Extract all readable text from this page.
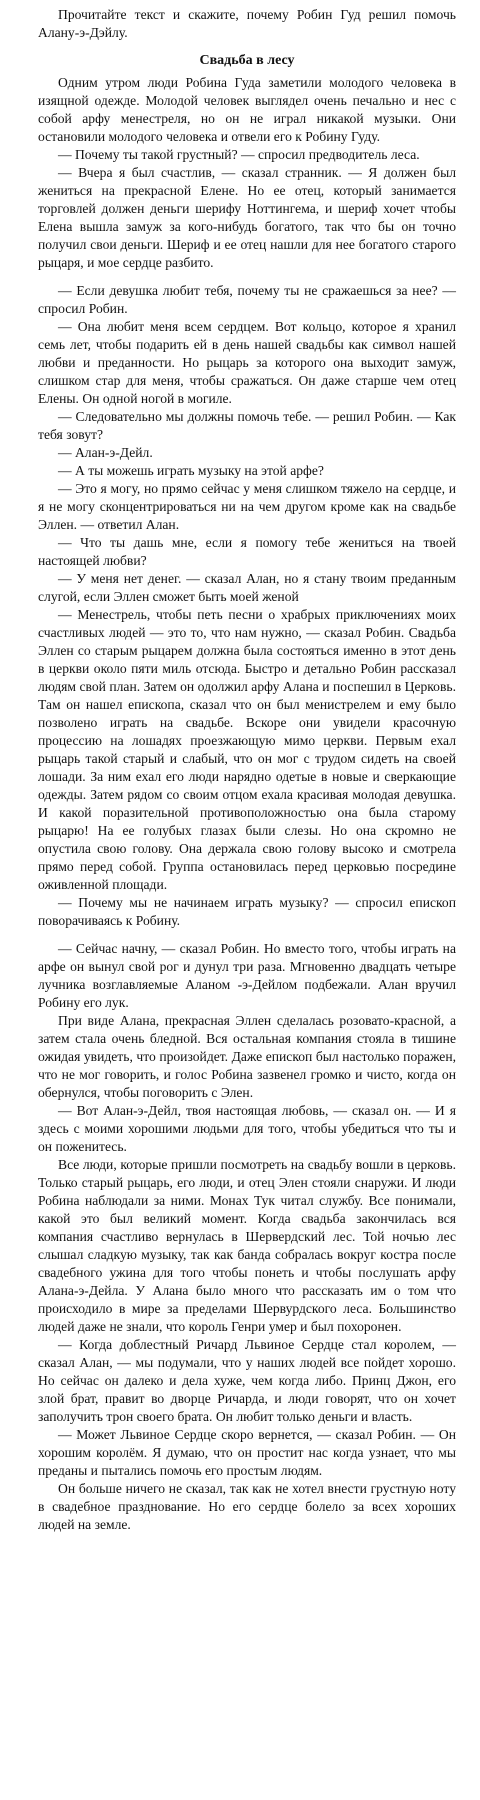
Прочитайте текст и скажите, почему Робин Гуд решил помочь Алану-э-Дэйлу.

Свадьба в лесу

Одним утром люди Робина Гуда заметили молодого человека в изящной одежде. Молодой человек выглядел очень печально и нес с собой арфу менестреля, но он не играл никакой музыки. Они остановили молодого человека и отвели его к Робину Гуду.

— Почему ты такой грустный? — спросил предводитель леса.

— Вчера я был счастлив, — сказал странник. — Я должен был жениться на прекрасной Елене. Но ее отец, который занимается торговлей должен деньги шерифу Ноттингема, и шериф хочет чтобы Елена вышла замуж за кого-нибудь богатого, так что бы он точно получил свои деньги. Шериф и ее отец нашли для нее богатого старого рыцаря, и мое сердце разбито.

— Если девушка любит тебя, почему ты не сражаешься за нее? — спросил Робин.

— Она любит меня всем сердцем. Вот кольцо, которое я хранил семь лет, чтобы подарить ей в день нашей свадьбы как символ нашей любви и преданности. Но рыцарь за которого она выходит замуж, слишком стар для меня, чтобы сражаться. Он даже старше чем отец Елены. Он одной ногой в могиле.

— Следовательно мы должны помочь тебе. — решил Робин. — Как тебя зовут?

— Алан-э-Дейл.

— А ты можешь играть музыку на этой арфе?

— Это я могу, но прямо сейчас у меня слишком тяжело на сердце, и я не могу сконцентрироваться ни на чем другом кроме как на свадьбе Эллен. — ответил Алан.

— Что ты дашь мне, если я помогу тебе жениться на твоей настоящей любви?

— У меня нет денег. — сказал Алан, но я стану твоим преданным слугой, если Эллен сможет быть моей женой

— Менестрель, чтобы петь песни о храбрых приключениях моих счастливых людей — это то, что нам нужно, — сказал Робин. Свадьба Эллен со старым рыцарем должна была состояться именно в этот день в церкви около пяти миль отсюда. Быстро и детально Робин рассказал людям свой план. Затем он одолжил арфу Алана и поспешил в Церковь. Там он нашел епископа, сказал что он был менистрелем и ему было позволено играть на свадьбе. Вскоре они увидели красочную процессию на лошадях проезжающую мимо церкви. Первым ехал рыцарь такой старый и слабый, что он мог с трудом сидеть на своей лошади. За ним ехал его люди нарядно одетые в новые и сверкающие одежды. Затем рядом со своим отцом ехала красивая молодая девушка. И какой поразительной противоположностью она была старому рыцарю! На ее голубых глазах были слезы. Но она скромно не опустила свою голову. Она держала свою голову высоко и смотрела прямо перед собой. Группа остановилась перед церковью посредине оживленной площади.

— Почему мы не начинаем играть музыку? — спросил епископ поворачиваясь к Робину.

— Сейчас начну, — сказал Робин. Но вместо того, чтобы играть на арфе он вынул свой рог и дунул три раза. Мгновенно двадцать четыре лучника возглавляемые Аланом -э-Дейлом подбежали. Алан вручил Робину его лук.

При виде Алана, прекрасная Эллен сделалась розовато-красной, а затем стала очень бледной. Вся остальная компания стояла в тишине ожидая увидеть, что произойдет. Даже епископ был настолько поражен, что не мог говорить, и голос Робина зазвенел громко и чисто, когда он обернулся, чтобы поговорить с Элен.

— Вот Алан-э-Дейл, твоя настоящая любовь, — сказал он. — И я здесь с моими хорошими людьми для того, чтобы убедиться что ты и он поженитесь.

Все люди, которые пришли посмотреть на свадьбу вошли в церковь. Только старый рыцарь, его люди, и отец Элен стояли снаружи. И люди Робина наблюдали за ними. Монах Тук читал службу. Все понимали, какой это был великий момент. Когда свадьба закончилась вся компания счастливо вернулась в Шервердский лес. Той ночью лес слышал сладкую музыку, так как банда собралась вокруг костра после свадебного ужина для того чтобы понеть и чтобы послушать арфу Алана-э-Дейла. У Алана было много что рассказать им о том что происходило в мире за пределами Шервурдского леса. Большинство людей даже не знали, что король Генри умер и был похоронен.

— Когда доблестный Ричард Львиное Сердце стал королем, — сказал Алан, — мы подумали, что у наших людей все пойдет хорошо. Но сейчас он далеко и дела хуже, чем когда либо. Принц Джон, его злой брат, правит во дворце Ричарда, и люди говорят, что он хочет заполучить трон своего брата. Он любит только деньги и власть.

— Может Львиное Сердце скоро вернется, — сказал Робин. — Он хорошим королём. Я думаю, что он простит нас когда узнает, что мы преданы и пытались помочь его простым людям.

Он больше ничего не сказал, так как не хотел внести грустную ноту в свадебное празднование. Но его сердце болело за всех хороших людей на земле.
